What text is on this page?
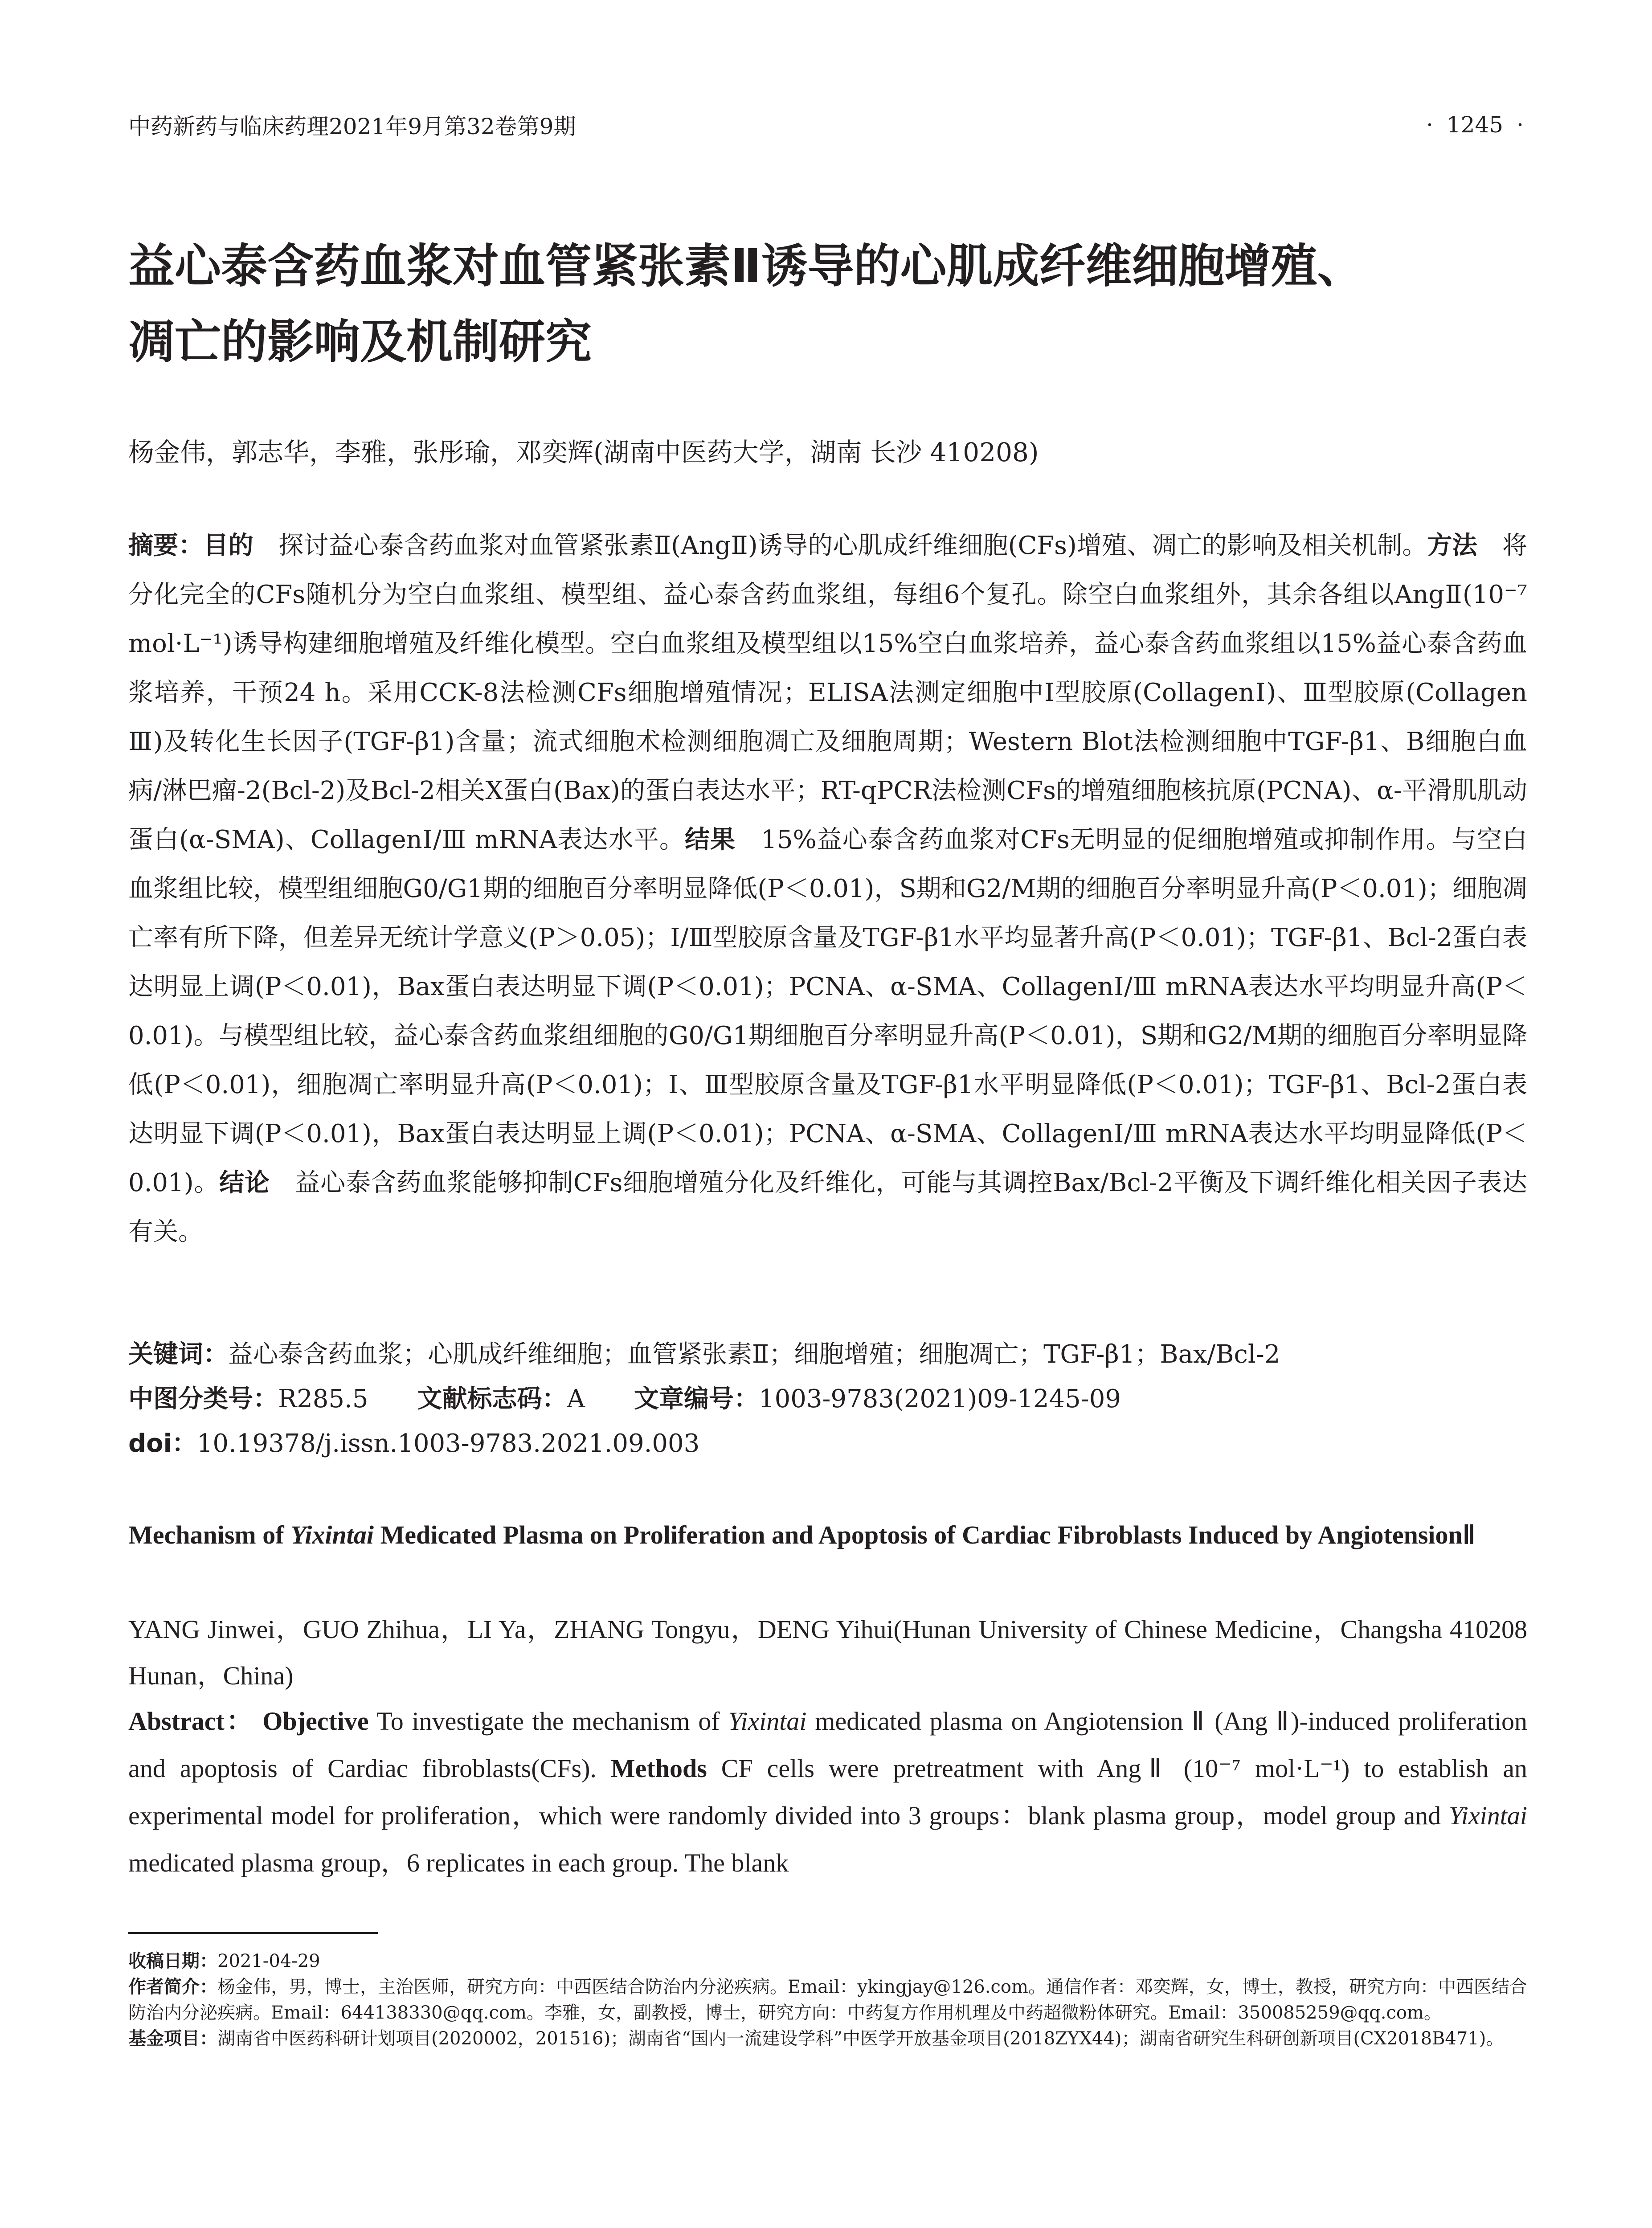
中药新药与临床药理2021年9月第32卷第9期	· 1245 ·
益心泰含药血浆对血管紧张素Ⅱ诱导的心肌成纤维细胞增殖、
凋亡的影响及机制研究
杨金伟，郭志华，李雅，张彤瑜，邓奕辉(湖南中医药大学，湖南 长沙 410208)
摘要：目的　探讨益心泰含药血浆对血管紧张素Ⅱ(AngⅡ)诱导的心肌成纤维细胞(CFs)增殖、凋亡的影响及相关机制。方法　将分化完全的CFs随机分为空白血浆组、模型组、益心泰含药血浆组，每组6个复孔。除空白血浆组外，其余各组以AngⅡ(10⁻⁷ mol·L⁻¹)诱导构建细胞增殖及纤维化模型。空白血浆组及模型组以15%空白血浆培养，益心泰含药血浆组以15%益心泰含药血浆培养，干预24 h。采用CCK-8法检测CFs细胞增殖情况；ELISA法测定细胞中Ⅰ型胶原(CollagenⅠ)、Ⅲ型胶原(Collagen Ⅲ)及转化生长因子(TGF-β1)含量；流式细胞术检测细胞凋亡及细胞周期；Western Blot法检测细胞中TGF-β1、B细胞白血病/淋巴瘤-2(Bcl-2)及Bcl-2相关X蛋白(Bax)的蛋白表达水平；RT-qPCR法检测CFs的增殖细胞核抗原(PCNA)、α-平滑肌肌动蛋白(α-SMA)、CollagenⅠ/Ⅲ mRNA表达水平。结果　15%益心泰含药血浆对CFs无明显的促细胞增殖或抑制作用。与空白血浆组比较，模型组细胞G0/G1期的细胞百分率明显降低(P＜0.01)，S期和G2/M期的细胞百分率明显升高(P＜0.01)；细胞凋亡率有所下降，但差异无统计学意义(P＞0.05)；Ⅰ/Ⅲ型胶原含量及TGF-β1水平均显著升高(P＜0.01)；TGF-β1、Bcl-2蛋白表达明显上调(P＜0.01)，Bax蛋白表达明显下调(P＜0.01)；PCNA、α-SMA、CollagenⅠ/Ⅲ mRNA表达水平均明显升高(P＜0.01)。与模型组比较，益心泰含药血浆组细胞的G0/G1期细胞百分率明显升高(P＜0.01)，S期和G2/M期的细胞百分率明显降低(P＜0.01)，细胞凋亡率明显升高(P＜0.01)；Ⅰ、Ⅲ型胶原含量及TGF-β1水平明显降低(P＜0.01)；TGF-β1、Bcl-2蛋白表达明显下调(P＜0.01)，Bax蛋白表达明显上调(P＜0.01)；PCNA、α-SMA、CollagenⅠ/Ⅲ mRNA表达水平均明显降低(P＜0.01)。结论　益心泰含药血浆能够抑制CFs细胞增殖分化及纤维化，可能与其调控Bax/Bcl-2平衡及下调纤维化相关因子表达有关。
关键词：益心泰含药血浆；心肌成纤维细胞；血管紧张素Ⅱ；细胞增殖；细胞凋亡；TGF-β1；Bax/Bcl-2
中图分类号：R285.5 文献标志码：A 文章编号：1003-9783(2021)09-1245-09
doi：10.19378/j.issn.1003-9783.2021.09.003
Mechanism of Yixintai Medicated Plasma on Proliferation and Apoptosis of Cardiac Fibroblasts Induced by AngiotensionⅡ
YANG Jinwei，GUO Zhihua，LI Ya，ZHANG Tongyu，DENG Yihui(Hunan University of Chinese Medicine，Changsha 410208 Hunan，China)
Abstract： Objective To investigate the mechanism of Yixintai medicated plasma on Angiotension Ⅱ (Ang Ⅱ)-induced proliferation and apoptosis of Cardiac fibroblasts(CFs). Methods CF cells were pretreatment with AngⅡ (10⁻⁷ mol·L⁻¹) to establish an experimental model for proliferation，which were randomly divided into 3 groups：blank plasma group，model group and Yixintai medicated plasma group，6 replicates in each group. The blank

收稿日期：2021-04-29

作者简介：杨金伟，男，博士，主治医师，研究方向：中西医结合防治内分泌疾病。Email：ykingjay@126.com。通信作者：邓奕辉，女，博士，教授，研究方向：中西医结合防治内分泌疾病。Email：644138330@qq.com。李雅，女，副教授，博士，研究方向：中药复方作用机理及中药超微粉体研究。Email：350085259@qq.com。

基金项目：湖南省中医药科研计划项目(2020002，201516)；湖南省“国内一流建设学科”中医学开放基金项目(2018ZYX44)；湖南省研究生科研创新项目(CX2018B471)。
